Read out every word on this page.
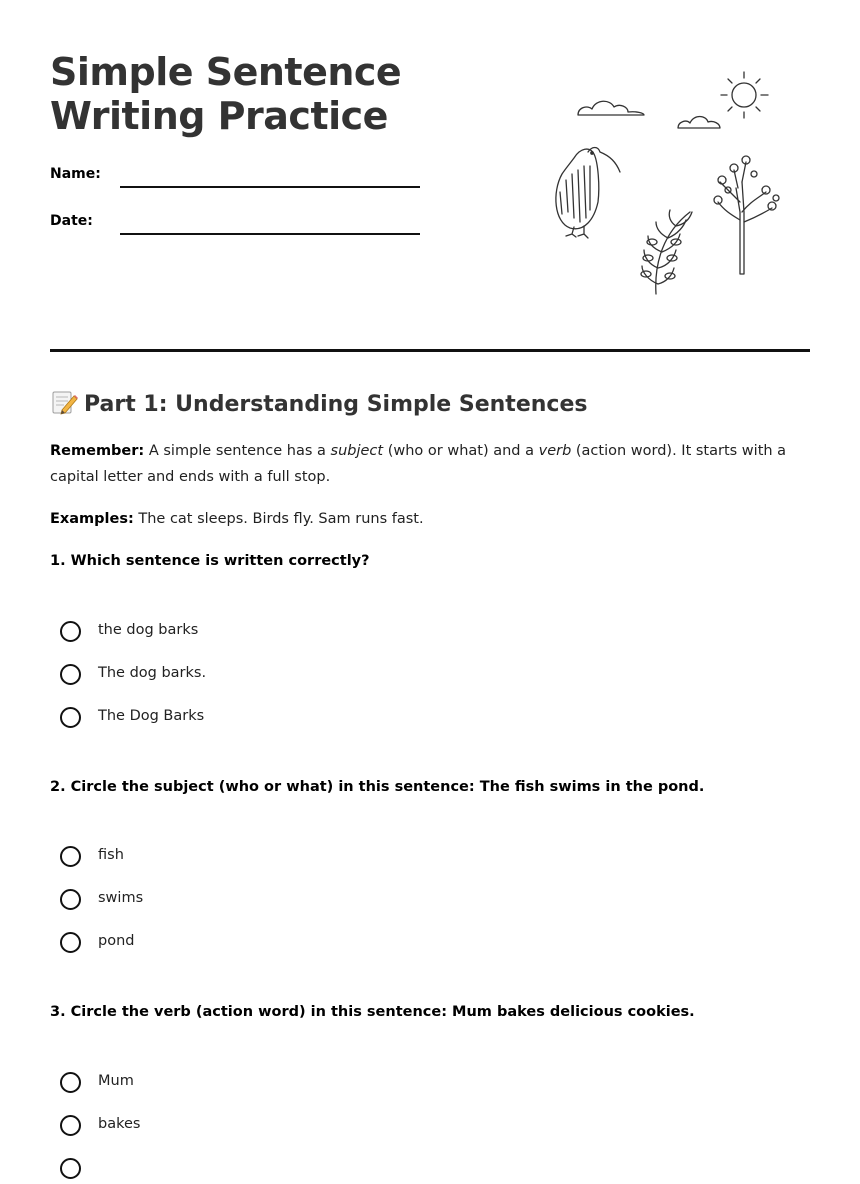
Simple Sentence
Writing Practice
Name:
Date:
Part 1: Understanding Simple Sentences

Remember: A simple sentence has a subject (who or what) and a verb (action word). It starts with a capital letter and ends with a full stop.

Examples: The cat sleeps. Birds fly. Sam runs fast.

1. Which sentence is written correctly?

the dog barks
The dog barks.
The Dog Barks

2. Circle the subject (who or what) in this sentence: The fish swims in the pond.

fish
swims
pond

3. Circle the verb (action word) in this sentence: Mum bakes delicious cookies.

Mum
bakes
